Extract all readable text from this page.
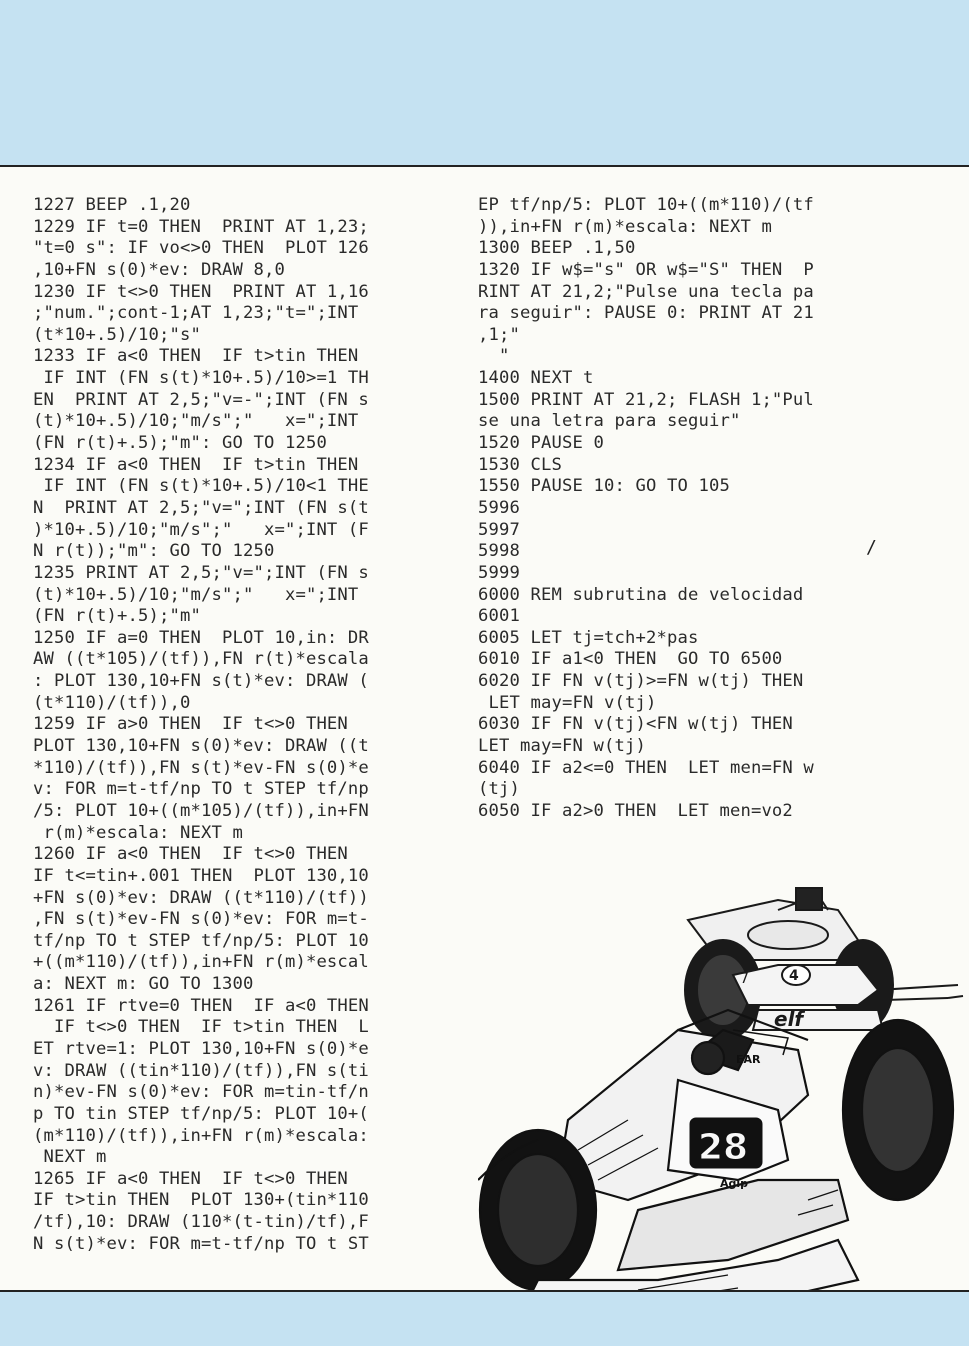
1227 BEEP .1,20
1229 IF t=0 THEN  PRINT AT 1,23;
"t=0 s": IF vo<>0 THEN  PLOT 126
,10+FN s(0)*ev: DRAW 8,0
1230 IF t<>0 THEN  PRINT AT 1,16
;"num.";cont-1;AT 1,23;"t=";INT
(t*10+.5)/10;"s"
1233 IF a<0 THEN  IF t>tin THEN
IF INT (FN s(t)*10+.5)/10>=1 TH
EN  PRINT AT 2,5;"v=-";INT (FN s
(t)*10+.5)/10;"m/s";"   x=";INT
(FN r(t)+.5);"m": GO TO 1250
1234 IF a<0 THEN  IF t>tin THEN
IF INT (FN s(t)*10+.5)/10<1 THE
N  PRINT AT 2,5;"v=";INT (FN s(t
)*10+.5)/10;"m/s";"   x=";INT (F
N r(t));"m": GO TO 1250
1235 PRINT AT 2,5;"v=";INT (FN s
(t)*10+.5)/10;"m/s";"   x=";INT
(FN r(t)+.5);"m"
1250 IF a=0 THEN  PLOT 10,in: DR
AW ((t*105)/(tf)),FN r(t)*escala
: PLOT 130,10+FN s(t)*ev: DRAW (
(t*110)/(tf)),0
1259 IF a>0 THEN  IF t<>0 THEN
PLOT 130,10+FN s(0)*ev: DRAW ((t
*110)/(tf)),FN s(t)*ev-FN s(0)*e
v: FOR m=t-tf/np TO t STEP tf/np
/5: PLOT 10+((m*105)/(tf)),in+FN
r(m)*escala: NEXT m
1260 IF a<0 THEN  IF t<>0 THEN
IF t<=tin+.001 THEN  PLOT 130,10
+FN s(0)*ev: DRAW ((t*110)/(tf))
,FN s(t)*ev-FN s(0)*ev: FOR m=t-
tf/np TO t STEP tf/np/5: PLOT 10
+((m*110)/(tf)),in+FN r(m)*escal
a: NEXT m: GO TO 1300
1261 IF rtve=0 THEN  IF a<0 THEN
IF t<>0 THEN  IF t>tin THEN  L
ET rtve=1: PLOT 130,10+FN s(0)*e
v: DRAW ((tin*110)/(tf)),FN s(ti
n)*ev-FN s(0)*ev: FOR m=tin-tf/n
p TO tin STEP tf/np/5: PLOT 10+(
(m*110)/(tf)),in+FN r(m)*escala:
NEXT m
1265 IF a<0 THEN  IF t<>0 THEN
IF t>tin THEN  PLOT 130+(tin*110
/tf),10: DRAW (110*(t-tin)/tf),F
N s(t)*ev: FOR m=t-tf/np TO t ST
EP tf/np/5: PLOT 10+((m*110)/(tf
)),in+FN r(m)*escala: NEXT m
1300 BEEP .1,50
1320 IF w$="s" OR w$="S" THEN  P
RINT AT 21,2;"Pulse una tecla pa
ra seguir": PAUSE 0: PRINT AT 21
,1;"
"
1400 NEXT t
1500 PRINT AT 21,2; FLASH 1;"Pul
se una letra para seguir"
1520 PAUSE 0
1530 CLS
1550 PAUSE 10: GO TO 105
5996
5997
5998
5999
6000 REM subrutina de velocidad
6001
6005 LET tj=tch+2*pas
6010 IF a1<0 THEN  GO TO 6500
6020 IF FN v(tj)>=FN w(tj) THEN
LET may=FN v(tj)
6030 IF FN v(tj)<FN w(tj) THEN
LET may=FN w(tj)
6040 IF a2<=0 THEN  LET men=FN w
(tj)
6050 IF a2>0 THEN  LET men=vo2
/
4
elf
7
28
EAR
Agip
